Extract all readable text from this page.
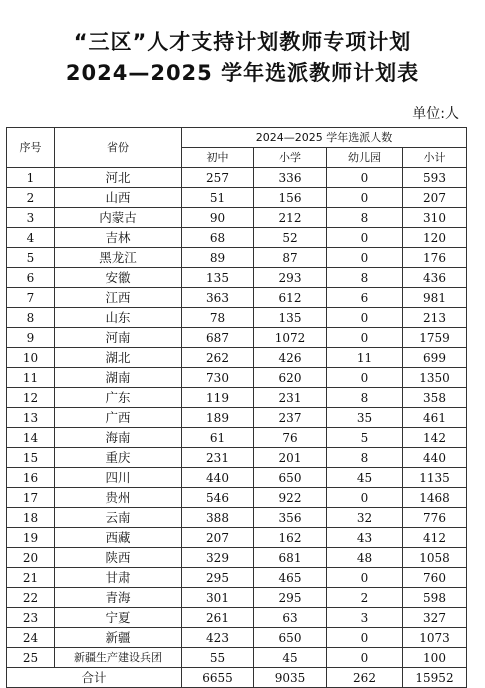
“三区”人才支持计划教师专项计划
2024—2025 学年选派教师计划表
单位:人
序号	省份	2024—2025 学年选派人数			
		初中	小学	幼儿园	小计
1	河北	257	336	0	593
2	山西	51	156	0	207
3	内蒙古	90	212	8	310
4	吉林	68	52	0	120
5	黑龙江	89	87	0	176
6	安徽	135	293	8	436
7	江西	363	612	6	981
8	山东	78	135	0	213
9	河南	687	1072	0	1759
10	湖北	262	426	11	699
11	湖南	730	620	0	1350
12	广东	119	231	8	358
13	广西	189	237	35	461
14	海南	61	76	5	142
15	重庆	231	201	8	440
16	四川	440	650	45	1135
17	贵州	546	922	0	1468
18	云南	388	356	32	776
19	西藏	207	162	43	412
20	陕西	329	681	48	1058
21	甘肃	295	465	0	760
22	青海	301	295	2	598
23	宁夏	261	63	3	327
24	新疆	423	650	0	1073
25	新疆生产建设兵团	55	45	0	100
合计		6655	9035	262	15952
